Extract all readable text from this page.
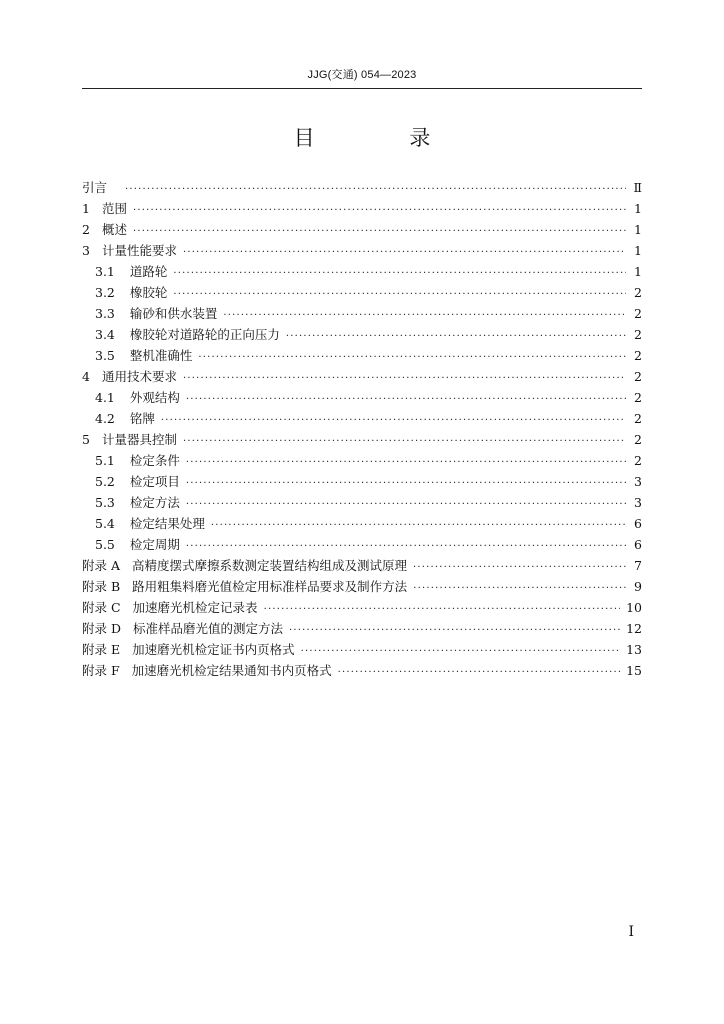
JJG(交通) 054—2023
目 录
引言 ·····	Ⅱ
1 范围 ·····	1
2 概述 ·····	1
3 计量性能要求 ·····	1
3.1 道路轮 ·····	1
3.2 橡胶轮 ·····	2
3.3 输砂和供水装置 ·····	2
3.4 橡胶轮对道路轮的正向压力 ·····	2
3.5 整机准确性 ·····	2
4 通用技术要求 ·····	2
4.1 外观结构 ·····	2
4.2 铭牌 ·····	2
5 计量器具控制 ·····	2
5.1 检定条件 ·····	2
5.2 检定项目 ·····	3
5.3 检定方法 ·····	3
5.4 检定结果处理 ·····	6
5.5 检定周期 ·····	6
附录 A 高精度摆式摩擦系数测定装置结构组成及测试原理 ·····	7
附录 B 路用粗集料磨光值检定用标准样品要求及制作方法 ·····	9
附录 C 加速磨光机检定记录表 ·····	10
附录 D 标准样品磨光值的测定方法 ·····	12
附录 E 加速磨光机检定证书内页格式 ·····	13
附录 F 加速磨光机检定结果通知书内页格式 ·····	15
Ⅰ
